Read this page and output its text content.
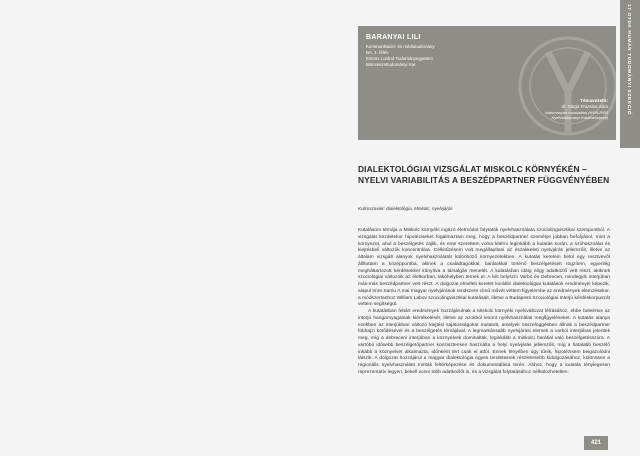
BARANYAI LILI
Kommunikáció- és médiatudomány
BA, 1. félév
Eötvös Loránd Tudományegyetem
Bölcsészettudományi Kar
Témavezető:
dr. Varga Fruzsina Sára
tudományos munkatárs (HUN-REN
Nyelvtudományi Kutatóközpont)
17 OTDK HUMÁN TUDOMÁNYI SZEKCIÓ
DIALEKTOLÓGIAI VIZSGÁLAT MISKOLC KÖRNYÉKÉN – NYELVI VARIABILITÁS A BESZÉDPARTNER FÜGGVÉNYÉBEN
Kulcsszavak: dialektológia, Miskolc, nyelvjárás

Kutatásom témája a Miskolc környéki ingázó életmódot folytatók nyelvhasználata szociolingvisztikai szempontból. A vizsgálat kezdetekor hipotéziseket fogalmaztam meg, hogy a beszédpartner személye jobban befolyásol, mint a környezet, ahol a beszélgetés zajlik, és eme szerettem volna kitérni leginkább a kutatás során, a szóhasználat és kiejtésbeli változók koncentrálva. Célkitűzésem volt megállapítani az északkeleti nyelvjárás jellemzőit, illetve az általam vizsgált alanyok nyelvhasználatát különböző környezetekben. A kutatás keretein belül egy resztvevőt állítottam a középpontba, akinek a családtagokkal, barátokkal történő beszélgetéseit rögzítem, egyenlég megháttartozott kérdésekkel irányítva a társalgás menetét. A kutatásban idáig négy adatközlő vett részt, akiknek szociológiai változóik az életkorban, lakóhelyben ternek el. A két helyszín Varbó és Debrecen, mindegyik interjúban más-más beszédpartner vett részt. A dolgozat elméleti keretet korábbi dialektológiai kutatások eredményei képezik, alapul Imre Samu A mai magyar nyelvjárások rendszere című művét vettem figyelembe az eredmények elemzésekor, a módszertanhoz William Labov szociolingvisztikai kutatásait, illetve a Budapesti Szociológiai Interjú kérdéskorpuszát vettem segítségül.

A kutatásban feltárt eredmények hozzájárulnak a Miskolc környéki nyelvváltozat leírásához, ebbe beleértve az interjú hangarnyagainak kiértékelését, illetve az azokból levont nyelvhasználati megfigyeléseket. A kutatás alanya ezekben az interjúkban változó kiejtési sajátosságokat mutatott, amelyek összefüggésben állnak a beszédpartner földrajzi kötődésével és a beszélgetés témájával. A legmarkánsabb nyelvjárási elemek a varbói interjúban jelentek meg, míg a debreceni interjúban a köznyelvek dominaltak, leginkább a miskolci barátial való beszélgetésszóra. A vartóbó idősebb beszélgetőpartner konzisztensen használta a helyi nyelvjárás jellemzőit, míg a fiatalabb beszélő inkább a köznyelvet alkalmazta, időnként tért csak el attól. Ennek fényében úgy tűnik, hipotézisem beigazolódni látszik. A dolgozat hozzájárul a magyar dialektológia egyes területeinek részletesebb kidolgozásához, különösen a regionális nyelvhasználati minták feltérképezése és dokumentálása terén. Ahhoz, hogy a kutatás ténylegesen reprezentatív legyen, bekell vonni több adatközlőt is, és a vizsgálat folytatásához nélkülözhetetlen.

421
